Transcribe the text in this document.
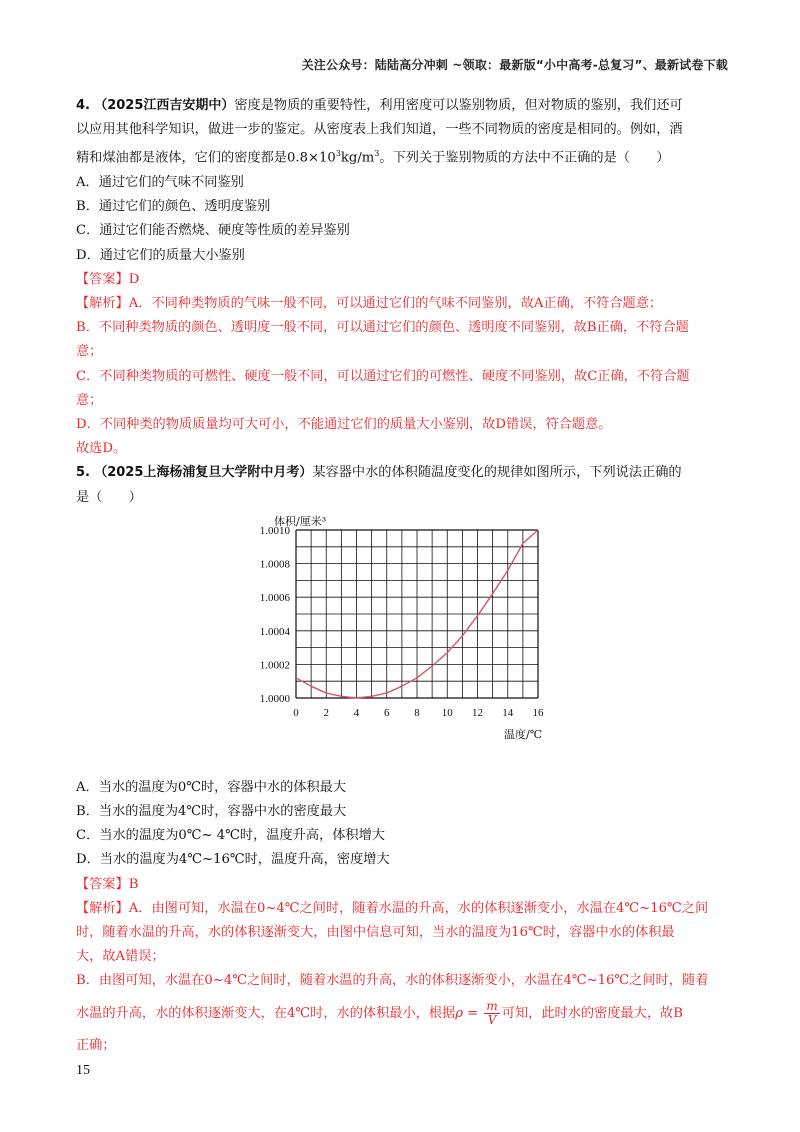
关注公众号：陆陆高分冲刺 ~领取：最新版“小中高考-总复习”、最新试卷下载
4. （2025江西吉安期中）密度是物质的重要特性，利用密度可以鉴别物质，但对物质的鉴别，我们还可
以应用其他科学知识，做进一步的鉴定。从密度表上我们知道，一些不同物质的密度是相同的。例如，酒
精和煤油都是液体，它们的密度都是$0.8\times 10^3kg/m^3$。下列关于鉴别物质的方法中不正确的是（　　）
A．通过它们的气味不同鉴别
B．通过它们的颜色、透明度鉴别
C．通过它们能否燃烧、硬度等性质的差异鉴别
D．通过它们的质量大小鉴别
【答案】D
【解析】A．不同种类物质的气味一般不同，可以通过它们的气味不同鉴别，故A正确，不符合题意；
B．不同种类物质的颜色、透明度一般不同，可以通过它们的颜色、透明度不同鉴别，故B正确，不符合题
意；
C．不同种类物质的可燃性、硬度一般不同，可以通过它们的可燃性、硬度不同鉴别，故C正确，不符合题
意；
D．不同种类的物质质量均可大可小，不能通过它们的质量大小鉴别，故D错误，符合题意。
故选D。
5. （2025上海杨浦复旦大学附中月考）某容器中水的体积随温度变化的规律如图所示，下列说法正确的
是（　　）
1.0000
1.0002
1.0004
1.0006
1.0008
1.0010
0 2 4 6 8 10 12 14 16
体积/厘米³
温度/℃
A．当水的温度为0℃时，容器中水的体积最大
B．当水的温度为4℃时，容器中水的密度最大
C．当水的温度为0℃~ 4℃时，温度升高，体积增大
D．当水的温度为4℃~16℃时，温度升高，密度增大
【答案】B
【解析】A．由图可知，水温在0~4℃之间时，随着水温的升高，水的体积逐渐变小，水温在4℃~16℃之间
时，随着水温的升高，水的体积逐渐变大，由图中信息可知，当水的温度为16℃时，容器中水的体积最
大，故A错误；
B．由图可知，水温在0~4℃之间时，随着水温的升高，水的体积逐渐变小，水温在4℃~16℃之间时，随着
水温的升高，水的体积逐渐变大，在4℃时，水的体积最小，根据$\rho = \frac{m}{V}$ 可知，此时水的密度最大，故B
正确；
15
